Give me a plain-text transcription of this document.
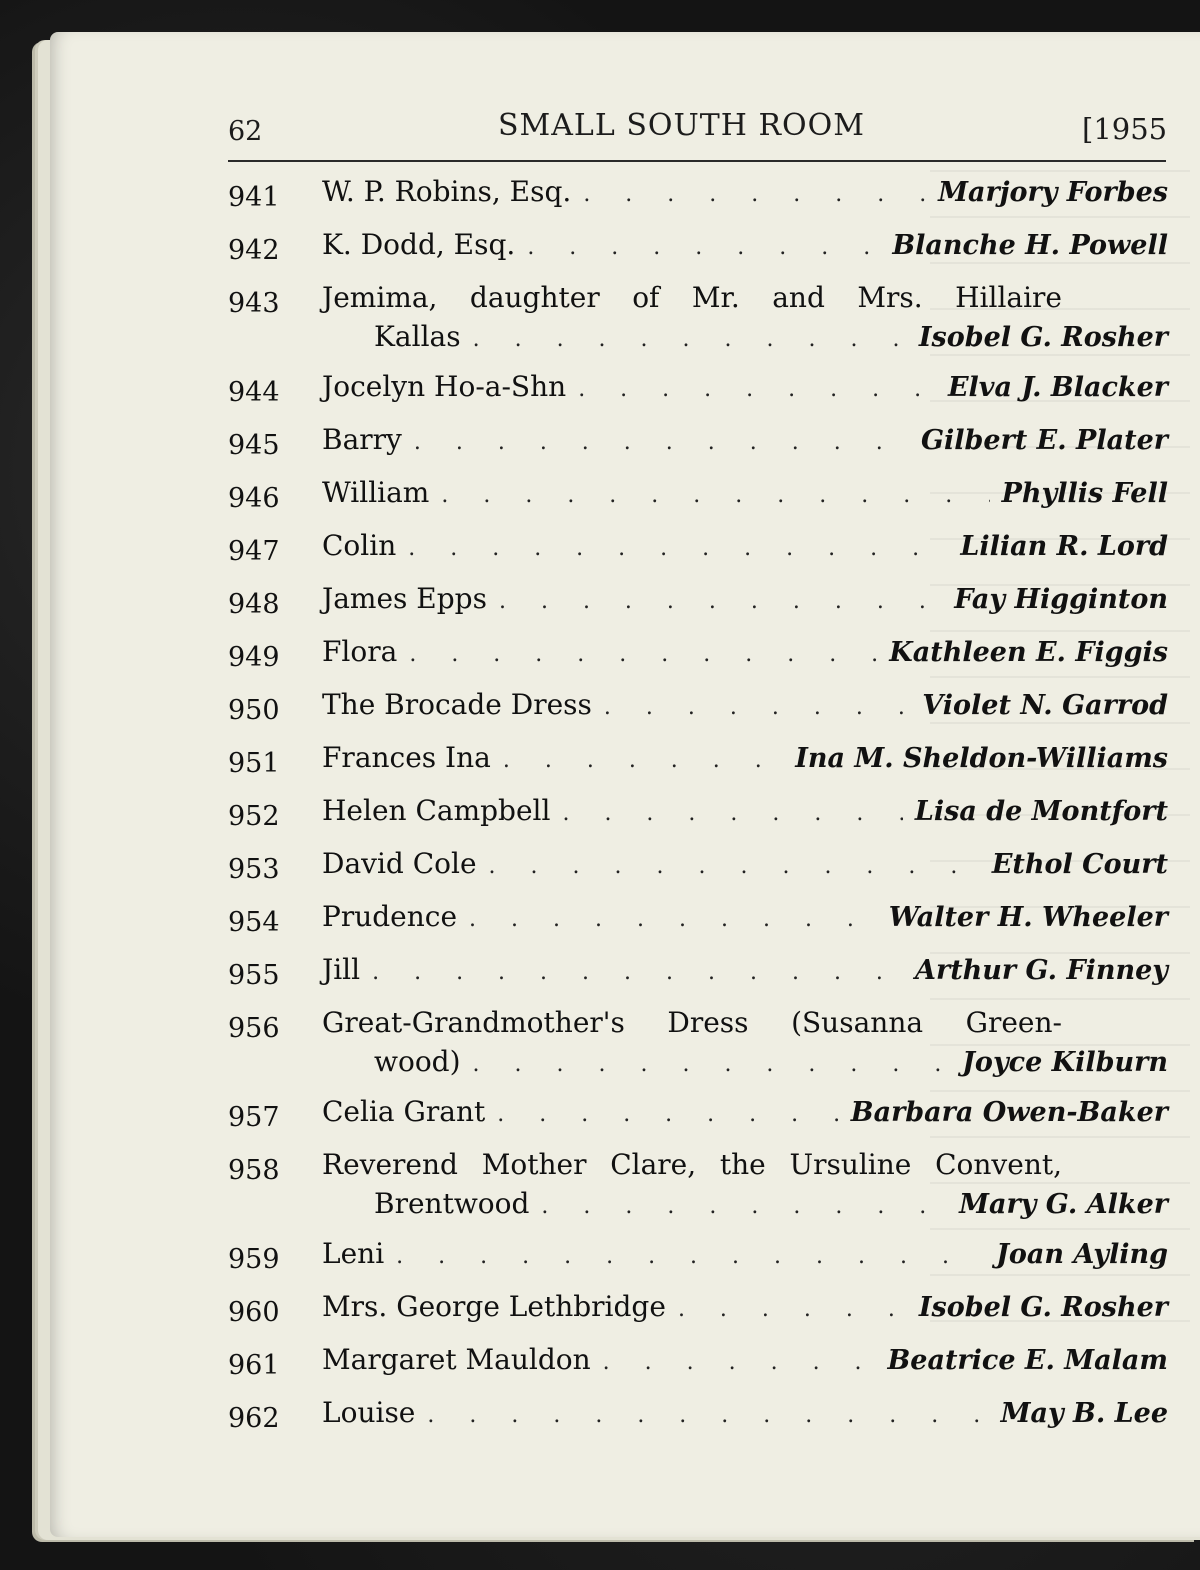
62	SMALL SOUTH ROOM	[1955
941	W. P. Robins, Esq. . . .	Marjory Forbes
942	K. Dodd, Esq. . . .	Blanche H. Powell
943	Jemima, daughter of Mr. and Mrs. Hillaire
Kallas . . .	Isobel G. Rosher
944	Jocelyn Ho-a-Shn . . .	Elva J. Blacker
945	Barry . . .	Gilbert E. Plater
946	William . . .	Phyllis Fell
947	Colin . . .	Lilian R. Lord
948	James Epps . . .	Fay Higginton
949	Flora . . .	Kathleen E. Figgis
950	The Brocade Dress . . .	Violet N. Garrod
951	Frances Ina . . .	Ina M. Sheldon-Williams
952	Helen Campbell . . .	Lisa de Montfort
953	David Cole . . .	Ethol Court
954	Prudence . . .	Walter H. Wheeler
955	Jill . . .	Arthur G. Finney
956	Great-Grandmother's Dress (Susanna Green-
wood) . . .	Joyce Kilburn
957	Celia Grant . . .	Barbara Owen-Baker
958	Reverend Mother Clare, the Ursuline Convent,
Brentwood . . .	Mary G. Alker
959	Leni . . .	Joan Ayling
960	Mrs. George Lethbridge . . .	Isobel G. Rosher
961	Margaret Mauldon . . .	Beatrice E. Malam
962	Louise . . .	May B. Lee
